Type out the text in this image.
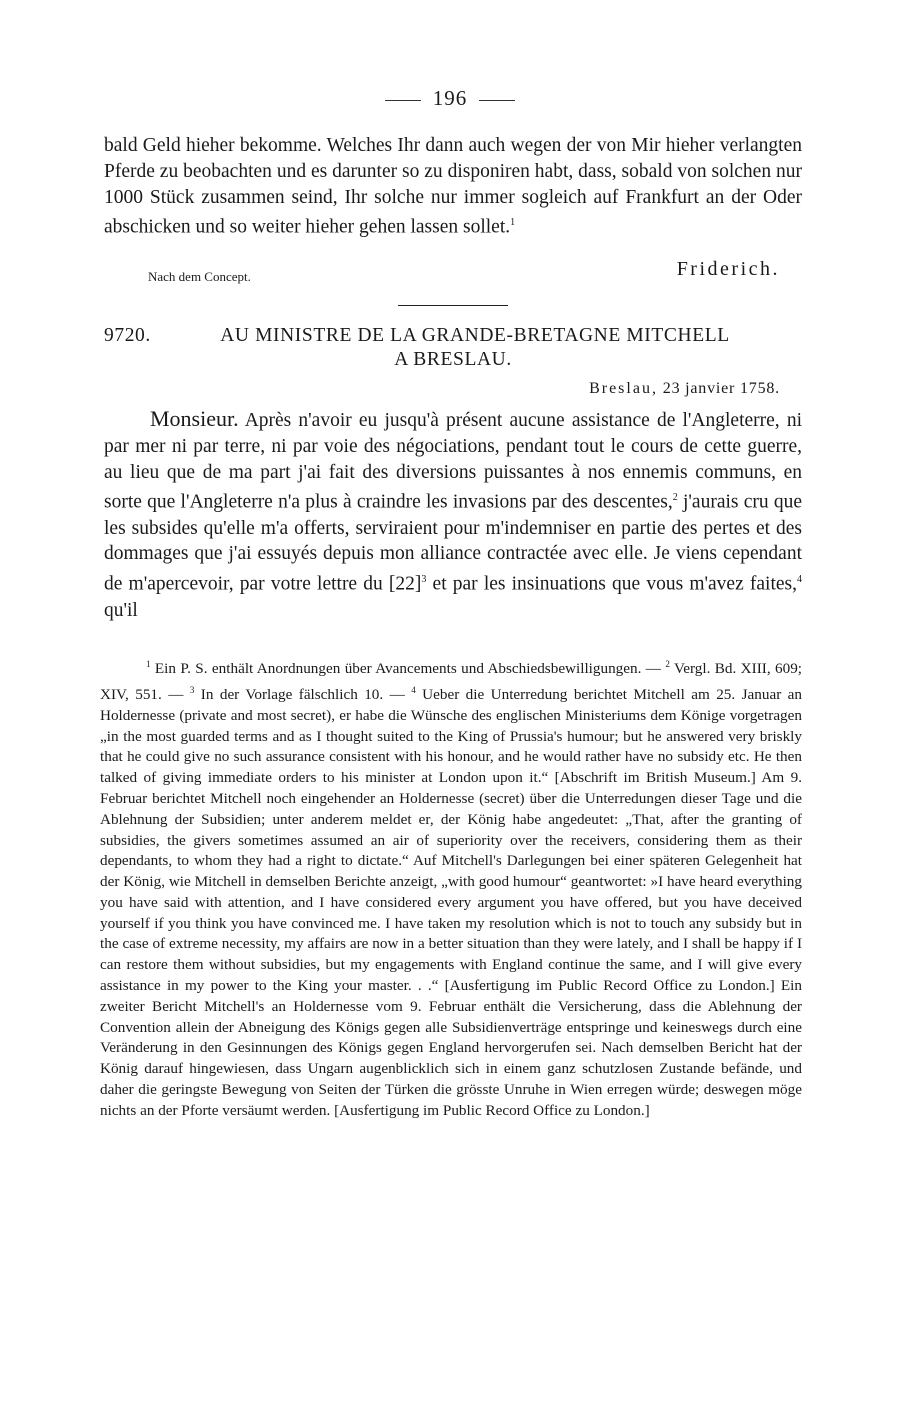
196

bald Geld hieher bekomme. Welches Ihr dann auch wegen der von Mir hieher verlangten Pferde zu beobachten und es darunter so zu disponiren habt, dass, sobald von solchen nur 1000 Stück zusammen seind, Ihr solche nur immer sogleich auf Frankfurt an der Oder abschicken und so weiter hieher gehen lassen sollet.$^1$

Nach dem Concept.	Friderich.
9720.	AU MINISTRE DE LA GRANDE-BRETAGNE MITCHELL
A BRESLAU.
Breslau, 23 janvier 1758.

Monsieur. Après n'avoir eu jusqu'à présent aucune assistance de l'Angleterre, ni par mer ni par terre, ni par voie des négociations, pendant tout le cours de cette guerre, au lieu que de ma part j'ai fait des diversions puissantes à nos ennemis communs, en sorte que l'Angleterre n'a plus à craindre les invasions par des descentes,$^2$ j'aurais cru que les subsides qu'elle m'a offerts, serviraient pour m'indemniser en partie des pertes et des dommages que j'ai essuyés depuis mon alliance contractée avec elle. Je viens cependant de m'apercevoir, par votre lettre du $[22]^3$ et par les insinuations que vous m'avez faites,$^4$ qu'il

$^1$ Ein P. S. enthält Anordnungen über Avancements und Abschiedsbewilligungen. — $^2$ Vergl. Bd. XIII, 609; XIV, 551. — $^3$ In der Vorlage fälschlich 10. — $^4$ Ueber die Unterredung berichtet Mitchell am 25. Januar an Holdernesse (private and most secret), er habe die Wünsche des englischen Ministeriums dem Könige vorgetragen „in the most guarded terms and as I thought suited to the King of Prussia's humour; but he answered very briskly that he could give no such assurance consistent with his honour, and he would rather have no subsidy etc. He then talked of giving immediate orders to his minister at London upon it.“ [Abschrift im British Museum.] Am 9. Februar berichtet Mitchell noch eingehender an Holdernesse (secret) über die Unterredungen dieser Tage und die Ablehnung der Subsidien; unter anderem meldet er, der König habe angedeutet: „That, after the granting of subsidies, the givers sometimes assumed an air of superiority over the receivers, considering them as their dependants, to whom they had a right to dictate.“ Auf Mitchell's Darlegungen bei einer späteren Gelegenheit hat der König, wie Mitchell in demselben Berichte anzeigt, „with good humour“ geantwortet: »I have heard everything you have said with attention, and I have considered every argument you have offered, but you have deceived yourself if you think you have convinced me. I have taken my resolution which is not to touch any subsidy but in the case of extreme necessity, my affairs are now in a better situation than they were lately, and I shall be happy if I can restore them without subsidies, but my engagements with England continue the same, and I will give every assistance in my power to the King your master. . .“ [Ausfertigung im Public Record Office zu London.] Ein zweiter Bericht Mitchell's an Holdernesse vom 9. Februar enthält die Versicherung, dass die Ablehnung der Convention allein der Abneigung des Königs gegen alle Subsidienverträge entspringe und keineswegs durch eine Veränderung in den Gesinnungen des Königs gegen England hervorgerufen sei. Nach demselben Bericht hat der König darauf hingewiesen, dass Ungarn augenblicklich sich in einem ganz schutzlosen Zustande befände, und daher die geringste Bewegung von Seiten der Türken die grösste Unruhe in Wien erregen würde; deswegen möge nichts an der Pforte versäumt werden. [Ausfertigung im Public Record Office zu London.]
